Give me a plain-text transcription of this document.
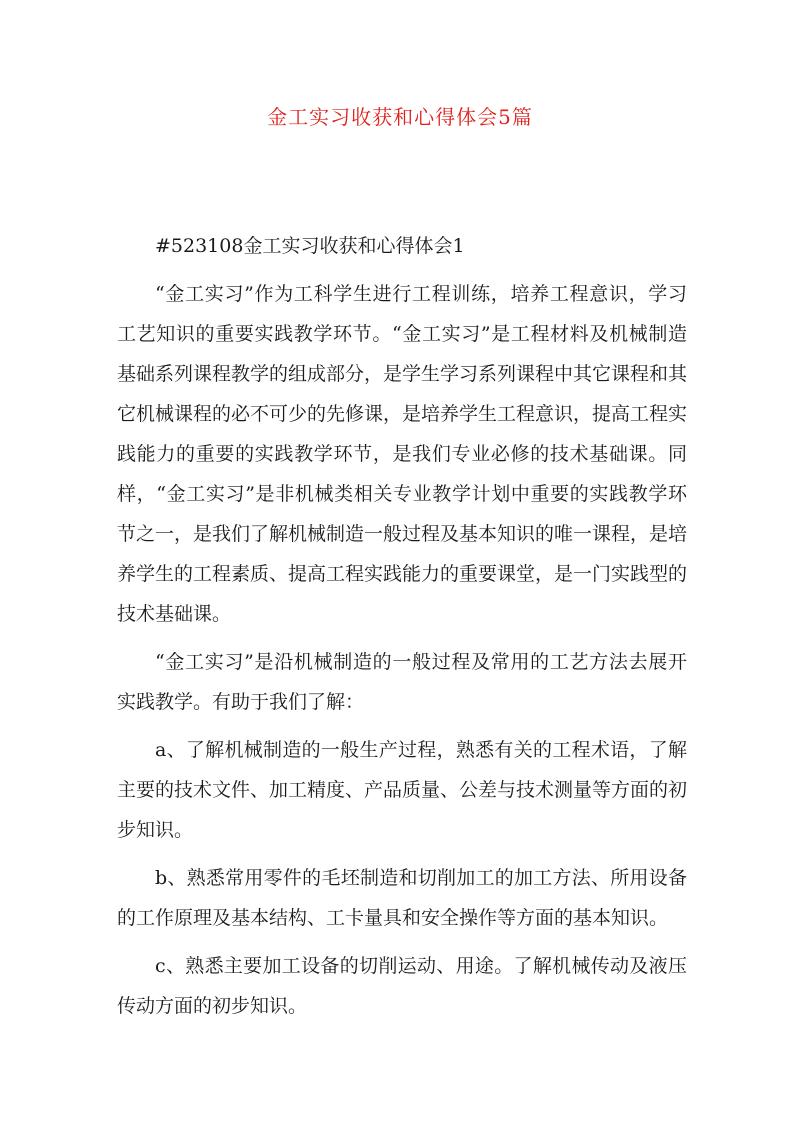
金工实习收获和心得体会5篇

#523108金工实习收获和心得体会1

“金工实习”作为工科学生进行工程训练，培养工程意识，学习工艺知识的重要实践教学环节。“金工实习”是工程材料及机械制造基础系列课程教学的组成部分，是学生学习系列课程中其它课程和其它机械课程的必不可少的先修课，是培养学生工程意识，提高工程实践能力的重要的实践教学环节，是我们专业必修的技术基础课。同样，“金工实习”是非机械类相关专业教学计划中重要的实践教学环节之一，是我们了解机械制造一般过程及基本知识的唯一课程，是培养学生的工程素质、提高工程实践能力的重要课堂，是一门实践型的技术基础课。

“金工实习”是沿机械制造的一般过程及常用的工艺方法去展开实践教学。有助于我们了解：

a、了解机械制造的一般生产过程，熟悉有关的工程术语，了解主要的技术文件、加工精度、产品质量、公差与技术测量等方面的初步知识。

b、熟悉常用零件的毛坯制造和切削加工的加工方法、所用设备的工作原理及基本结构、工卡量具和安全操作等方面的基本知识。

c、熟悉主要加工设备的切削运动、用途。了解机械传动及液压传动方面的初步知识。
